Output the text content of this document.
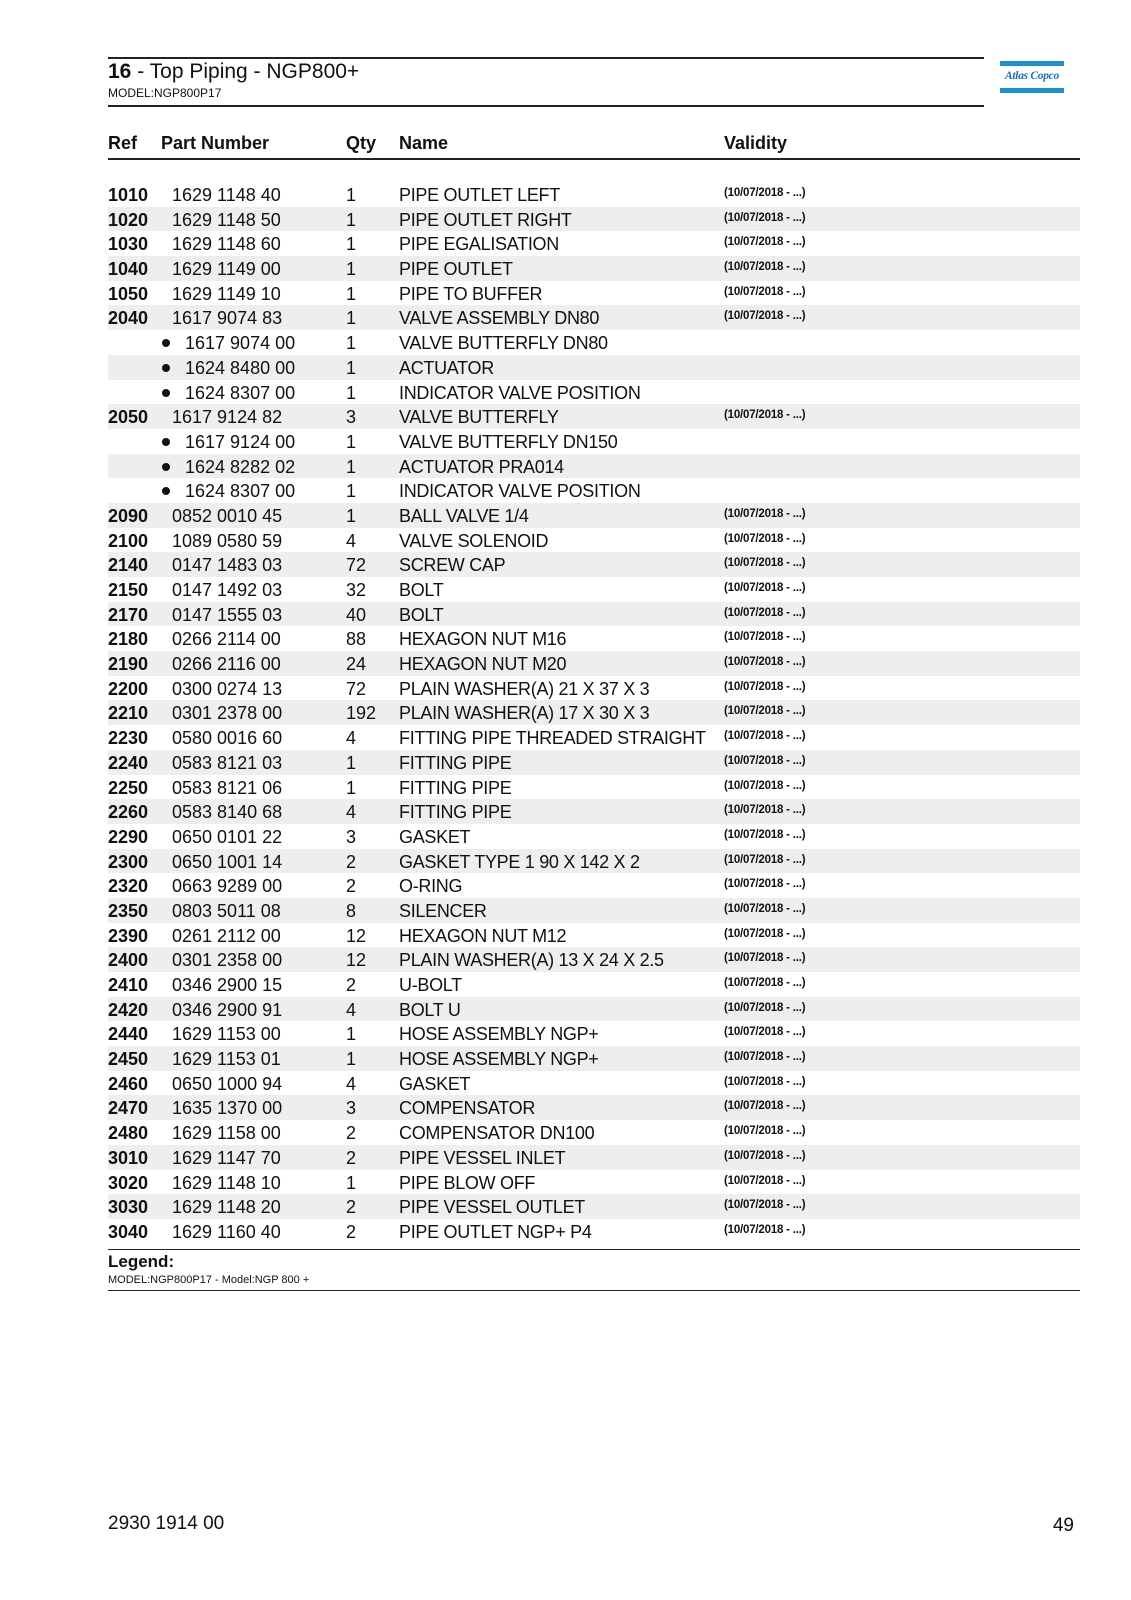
16 - Top Piping - NGP800+
MODEL:NGP800P17
Atlas Copco
Ref Part Number	Qty Name	Validity
1010 1629 1148 40	1 PIPE OUTLET LEFT	(10/07/2018 - ...)
1020 1629 1148 50	1 PIPE OUTLET RIGHT	(10/07/2018 - ...)
1030 1629 1148 60	1 PIPE EGALISATION	(10/07/2018 - ...)
1040 1629 1149 00	1 PIPE OUTLET	(10/07/2018 - ...)
1050 1629 1149 10	1 PIPE TO BUFFER	(10/07/2018 - ...)
2040 1617 9074 83	1 VALVE ASSEMBLY DN80	(10/07/2018 - ...)
1617 9074 00	1 VALVE BUTTERFLY DN80
1624 8480 00	1 ACTUATOR
1624 8307 00	1 INDICATOR VALVE POSITION
2050 1617 9124 82	3 VALVE BUTTERFLY	(10/07/2018 - ...)
1617 9124 00	1 VALVE BUTTERFLY DN150
1624 8282 02	1 ACTUATOR PRA014
1624 8307 00	1 INDICATOR VALVE POSITION
2090 0852 0010 45	1 BALL VALVE 1/4	(10/07/2018 - ...)
2100 1089 0580 59	4 VALVE SOLENOID	(10/07/2018 - ...)
2140 0147 1483 03	72 SCREW CAP	(10/07/2018 - ...)
2150 0147 1492 03	32 BOLT	(10/07/2018 - ...)
2170 0147 1555 03	40 BOLT	(10/07/2018 - ...)
2180 0266 2114 00	88 HEXAGON NUT M16	(10/07/2018 - ...)
2190 0266 2116 00	24 HEXAGON NUT M20	(10/07/2018 - ...)
2200 0300 0274 13	72 PLAIN WASHER(A) 21 X 37 X 3	(10/07/2018 - ...)
2210 0301 2378 00	192 PLAIN WASHER(A) 17 X 30 X 3	(10/07/2018 - ...)
2230 0580 0016 60	4 FITTING PIPE THREADED STRAIGHT (10/07/2018 - ...)
2240 0583 8121 03	1 FITTING PIPE	(10/07/2018 - ...)
2250 0583 8121 06	1 FITTING PIPE	(10/07/2018 - ...)
2260 0583 8140 68	4 FITTING PIPE	(10/07/2018 - ...)
2290 0650 0101 22	3 GASKET	(10/07/2018 - ...)
2300 0650 1001 14	2 GASKET TYPE 1 90 X 142 X 2	(10/07/2018 - ...)
2320 0663 9289 00	2 O-RING	(10/07/2018 - ...)
2350 0803 5011 08	8 SILENCER	(10/07/2018 - ...)
2390 0261 2112 00	12 HEXAGON NUT M12	(10/07/2018 - ...)
2400 0301 2358 00	12 PLAIN WASHER(A) 13 X 24 X 2.5	(10/07/2018 - ...)
2410 0346 2900 15	2 U-BOLT	(10/07/2018 - ...)
2420 0346 2900 91	4 BOLT U	(10/07/2018 - ...)
2440 1629 1153 00	1 HOSE ASSEMBLY NGP+	(10/07/2018 - ...)
2450 1629 1153 01	1 HOSE ASSEMBLY NGP+	(10/07/2018 - ...)
2460 0650 1000 94	4 GASKET	(10/07/2018 - ...)
2470 1635 1370 00	3 COMPENSATOR	(10/07/2018 - ...)
2480 1629 1158 00	2 COMPENSATOR DN100	(10/07/2018 - ...)
3010 1629 1147 70	2 PIPE VESSEL INLET	(10/07/2018 - ...)
3020 1629 1148 10	1 PIPE BLOW OFF	(10/07/2018 - ...)
3030 1629 1148 20	2 PIPE VESSEL OUTLET	(10/07/2018 - ...)
3040 1629 1160 40	2 PIPE OUTLET NGP+ P4	(10/07/2018 - ...)
Legend:
MODEL:NGP800P17 - Model:NGP 800 +
2930 1914 00	49
